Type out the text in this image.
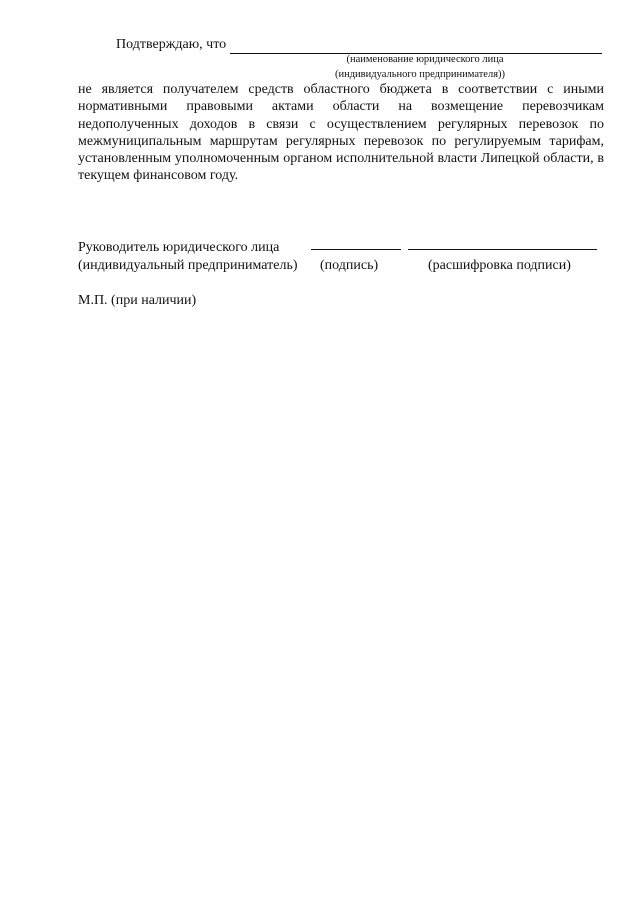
Подтверждаю, что
(наименование юридического лица
(индивидуального предпринимателя))
не является получателем средств областного бюджета в соответствии с иными нормативными правовыми актами области на возмещение перевозчикам недополученных доходов в связи с осуществлением регулярных перевозок по межмуниципальным маршрутам регулярных перевозок по регулируемым тарифам, установленным уполномоченным органом исполнительной власти Липецкой области, в текущем финансовом году.
Руководитель юридического лица
(индивидуальный предприниматель) (подпись)	(расшифровка подписи)
М.П. (при наличии)
